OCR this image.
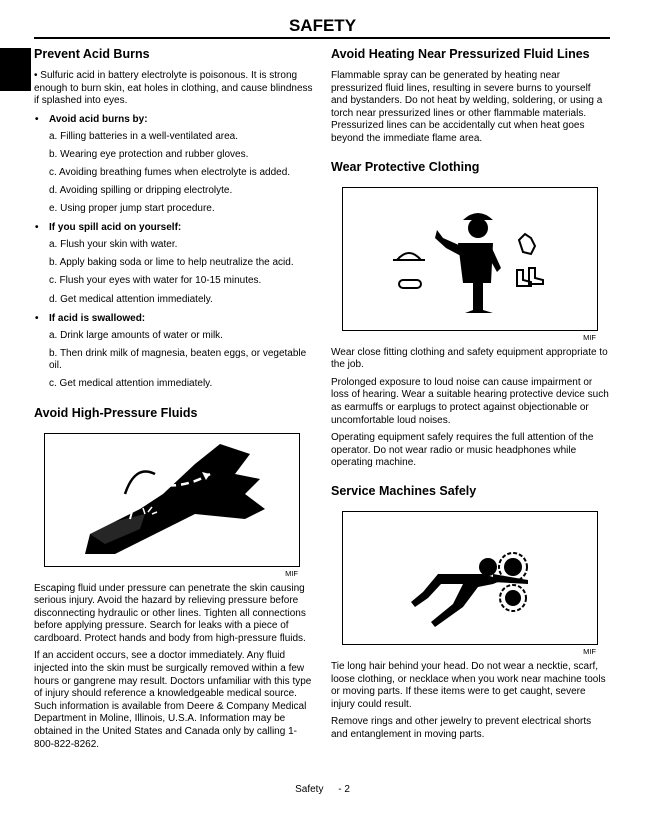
SAFETY
Prevent Acid Burns

• Sulfuric acid in battery electrolyte is poisonous. It is strong enough to burn skin, eat holes in clothing, and cause blindness if splashed into eyes.

• Avoid acid burns by:
a. Filling batteries in a well-ventilated area.
b. Wearing eye protection and rubber gloves.
c. Avoiding breathing fumes when electrolyte is added.
d. Avoiding spilling or dripping electrolyte.
e. Using proper jump start procedure.
• If you spill acid on yourself:
a. Flush your skin with water.
b. Apply baking soda or lime to help neutralize the acid.
c. Flush your eyes with water for 10-15 minutes.
d. Get medical attention immediately.
• If acid is swallowed:
a. Drink large amounts of water or milk.
b. Then drink milk of magnesia, beaten eggs, or vegetable oil.
c. Get medical attention immediately.
Avoid High-Pressure Fluids
MIF

Escaping fluid under pressure can penetrate the skin causing serious injury. Avoid the hazard by relieving pressure before disconnecting hydraulic or other lines. Tighten all connections before applying pressure. Search for leaks with a piece of cardboard. Protect hands and body from high-pressure fluids.

If an accident occurs, see a doctor immediately. Any fluid injected into the skin must be surgically removed within a few hours or gangrene may result. Doctors unfamiliar with this type of injury should reference a knowledgeable medical source. Such information is available from Deere & Company Medical Department in Moline, Illinois, U.S.A. Information may be obtained in the United States and Canada only by calling 1-800-822-8262.

Avoid Heating Near Pressurized Fluid Lines

Flammable spray can be generated by heating near pressurized fluid lines, resulting in severe burns to yourself and bystanders. Do not heat by welding, soldering, or using a torch near pressurized lines or other flammable materials. Pressurized lines can be accidentally cut when heat goes beyond the immediate flame area.

Wear Protective Clothing
MIF

Wear close fitting clothing and safety equipment appropriate to the job.

Prolonged exposure to loud noise can cause impairment or loss of hearing. Wear a suitable hearing protective device such as earmuffs or earplugs to protect against objectionable or uncomfortable loud noises.

Operating equipment safely requires the full attention of the operator. Do not wear radio or music headphones while operating machine.

Service Machines Safely
MIF

Tie long hair behind your head. Do not wear a necktie, scarf, loose clothing, or necklace when you work near machine tools or moving parts. If these items were to get caught, severe injury could result.

Remove rings and other jewelry to prevent electrical shorts and entanglement in moving parts.

Safety - 2
